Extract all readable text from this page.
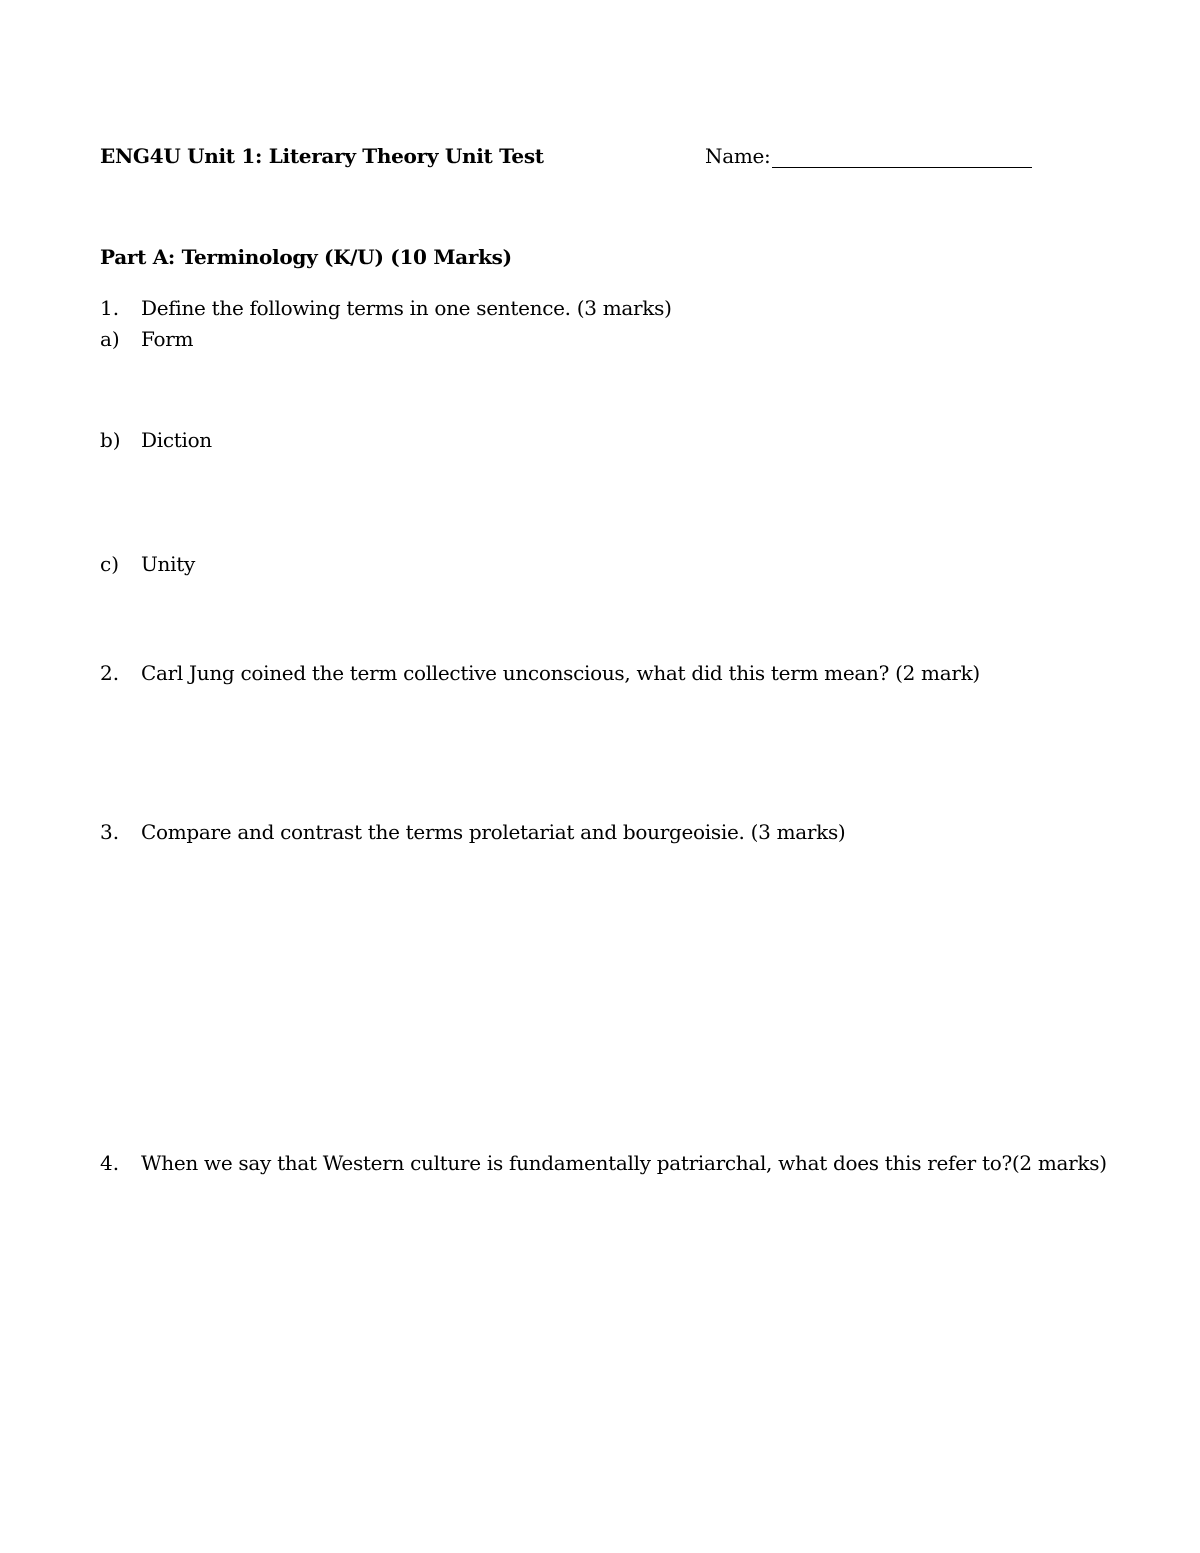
ENG4U Unit 1: Literary Theory Unit Test	Name:
Part A: Terminology (K/U) (10 Marks)
1. Define the following terms in one sentence. (3 marks)
a) Form
b) Diction
c) Unity
2. Carl Jung coined the term collective unconscious, what did this term mean? (2 mark)
3. Compare and contrast the terms proletariat and bourgeoisie. (3 marks)
4. When we say that Western culture is fundamentally patriarchal, what does this refer to?(2 marks)
